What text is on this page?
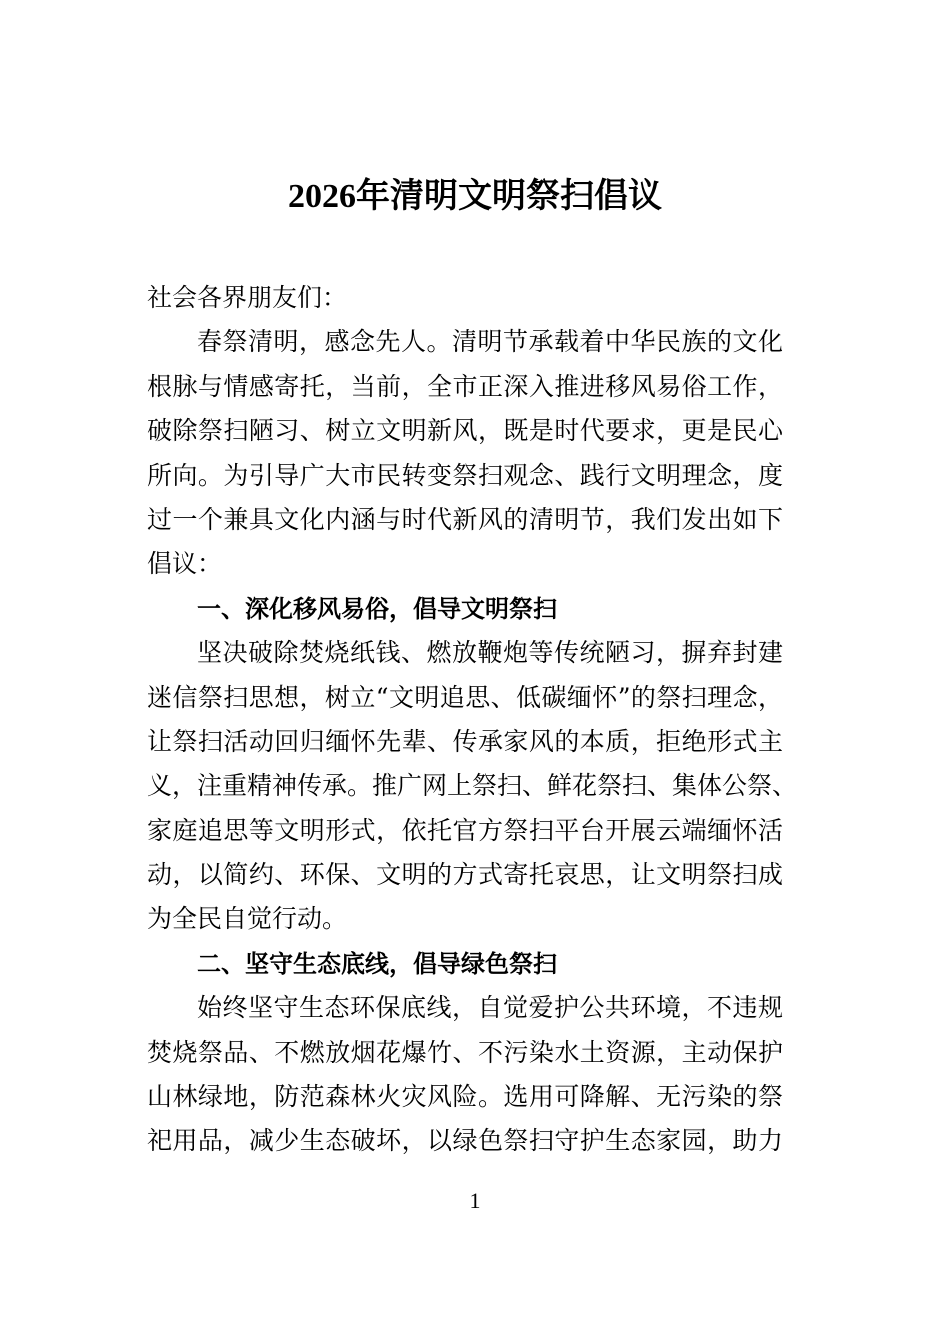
2026年清明文明祭扫倡议
社会各界朋友们：
春祭清明，感念先人。清明节承载着中华民族的文化
根脉与情感寄托，当前，全市正深入推进移风易俗工作，
破除祭扫陋习、树立文明新风，既是时代要求，更是民心
所向。为引导广大市民转变祭扫观念、践行文明理念，度
过一个兼具文化内涵与时代新风的清明节，我们发出如下
倡议：
一、深化移风易俗，倡导文明祭扫
坚决破除焚烧纸钱、燃放鞭炮等传统陋习，摒弃封建
迷信祭扫思想，树立“文明追思、低碳缅怀”的祭扫理念，
让祭扫活动回归缅怀先辈、传承家风的本质，拒绝形式主
义，注重精神传承。推广网上祭扫、鲜花祭扫、集体公祭、
家庭追思等文明形式，依托官方祭扫平台开展云端缅怀活
动，以简约、环保、文明的方式寄托哀思，让文明祭扫成
为全民自觉行动。
二、坚守生态底线，倡导绿色祭扫
始终坚守生态环保底线，自觉爱护公共环境，不违规
焚烧祭品、不燃放烟花爆竹、不污染水土资源，主动保护
山林绿地，防范森林火灾风险。选用可降解、无污染的祭
祀用品，减少生态破坏，以绿色祭扫守护生态家园，助力
1
